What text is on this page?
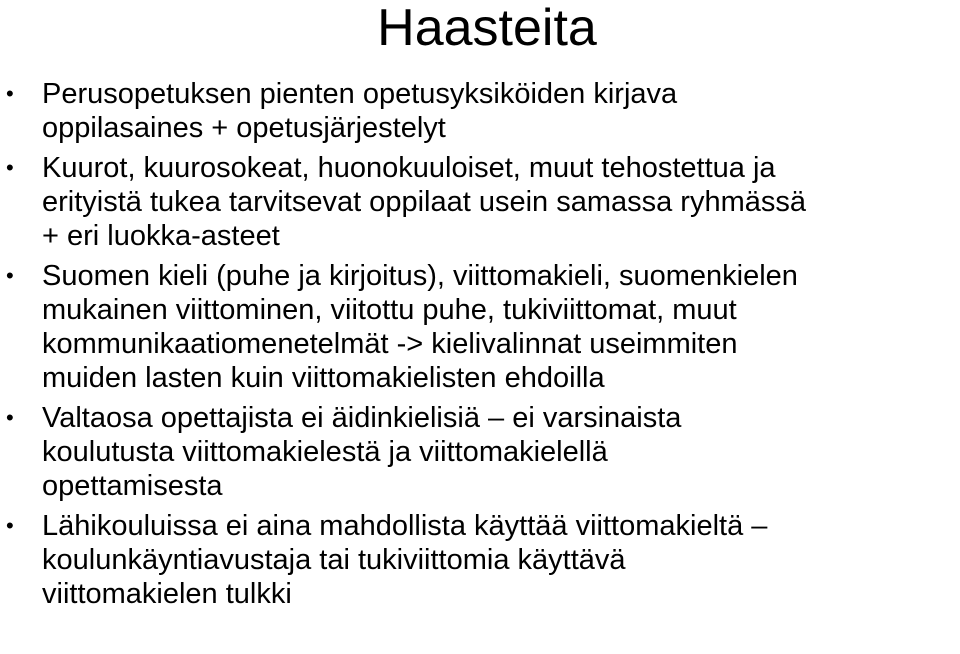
Haasteita
• Perusopetuksen pienten opetusyksiköiden kirjava
oppilasaines + opetusjärjestelyt
• Kuurot, kuurosokeat, huonokuuloiset, muut tehostettua ja
erityistä tukea tarvitsevat oppilaat usein samassa ryhmässä
+ eri luokka-asteet
• Suomen kieli (puhe ja kirjoitus), viittomakieli, suomenkielen
mukainen viittominen, viitottu puhe, tukiviittomat, muut
kommunikaatiomenetelmät -> kielivalinnat useimmiten
muiden lasten kuin viittomakielisten ehdoilla
• Valtaosa opettajista ei äidinkielisiä – ei varsinaista
koulutusta viittomakielestä ja viittomakielellä
opettamisesta
• Lähikouluissa ei aina mahdollista käyttää viittomakieltä –
koulunkäyntiavustaja tai tukiviittomia käyttävä
viittomakielen tulkki
